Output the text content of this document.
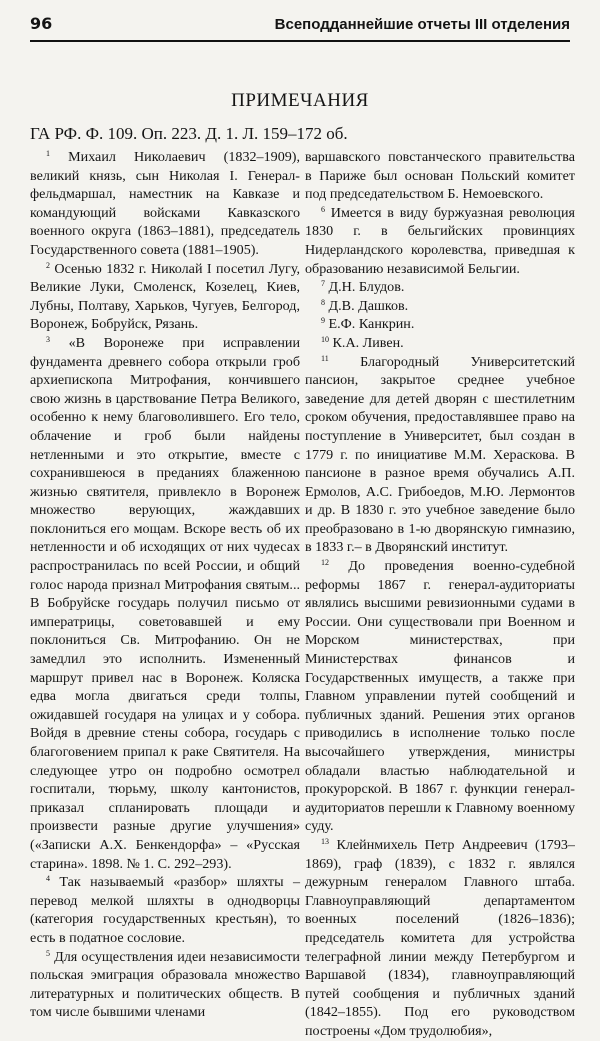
96	Всеподданнейшие отчеты III отделения
ПРИМЕЧАНИЯ
ГА РФ. Ф. 109. Оп. 223. Д. 1. Л. 159–172 об.

$^1$ Михаил Николаевич (1832–1909), великий князь, сын Николая I. Генерал-фельдмаршал, наместник на Кавказе и командующий войсками Кавказского военного округа (1863–1881), председатель Государственного совета (1881–1905).

$^2$ Осенью 1832 г. Николай I посетил Лугу, Великие Луки, Смоленск, Козелец, Киев, Лубны, Полтаву, Харьков, Чугуев, Белгород, Воронеж, Бобруйск, Рязань.

$^3$ «В Воронеже при исправлении фундамента древнего собора открыли гроб архиепископа Митрофания, кончившего свою жизнь в царствование Петра Великого, особенно к нему благоволившего. Его тело, облачение и гроб были найдены нетленными и это открытие, вместе с сохранившеюся в преданиях блаженною жизнью святителя, привлекло в Воронеж множество верующих, жаждавших поклониться его мощам. Вскоре весть об их нетленности и об исходящих от них чудесах распространилась по всей России, и общий голос народа признал Митрофания святым... В Бобруйске государь получил письмо от императрицы, советовавшей и ему поклониться Св. Митрофанию. Он не замедлил это исполнить. Измененный маршрут привел нас в Воронеж. Коляска едва могла двигаться среди толпы, ожидавшей государя на улицах и у собора. Войдя в древние стены собора, государь с благоговением припал к раке Святителя. На следующее утро он подробно осмотрел госпитали, тюрьму, школу кантонистов, приказал спланировать площади и произвести разные другие улучшения» («Записки А.Х. Бенкендорфа» – «Русская старина». 1898. № 1. С. 292–293).

$^4$ Так называемый «разбор» шляхты – перевод мелкой шляхты в однодворцы (категория государственных крестьян), то есть в податное сословие.

$^5$ Для осуществления идеи независимости польская эмиграция образовала множество литературных и политических обществ. В том числе бывшими членами

варшавского повстанческого правительства в Париже был основан Польский комитет под председательством Б. Немоевского.

$^6$ Имеется в виду буржуазная революция 1830 г. в бельгийских провинциях Нидерландского королевства, приведшая к образованию независимой Бельгии.

$^7$ Д.Н. Блудов.

$^8$ Д.В. Дашков.

$^9$ Е.Ф. Канкрин.

$^{10}$ К.А. Ливен.

$^{11}$ Благородный Университетский пансион, закрытое среднее учебное заведение для детей дворян с шестилетним сроком обучения, предоставлявшее право на поступление в Университет, был создан в 1779 г. по инициативе М.М. Хераскова. В пансионе в разное время обучались А.П. Ермолов, А.С. Грибоедов, М.Ю. Лермонтов и др. В 1830 г. это учебное заведение было преобразовано в 1-ю дворянскую гимназию, в 1833 г.– в Дворянский институт.

$^{12}$ До проведения военно-судебной реформы 1867 г. генерал-аудиториаты являлись высшими ревизионными судами в России. Они существовали при Военном и Морском министерствах, при Министерствах финансов и Государственных имуществ, а также при Главном управлении путей сообщений и публичных зданий. Решения этих органов приводились в исполнение только после высочайшего утверждения, министры обладали властью наблюдательной и прокурорской. В 1867 г. функции генерал-аудиториатов перешли к Главному военному суду.

$^{13}$ Клейнмихель Петр Андреевич (1793–1869), граф (1839), с 1832 г. являлся дежурным генералом Главного штаба. Главноуправляющий департаментом военных поселений (1826–1836); председатель комитета для устройства телеграфной линии между Петербургом и Варшавой (1834), главноуправляющий путей сообщения и публичных зданий (1842–1855). Под его руководством построены «Дом трудолюбия»,
